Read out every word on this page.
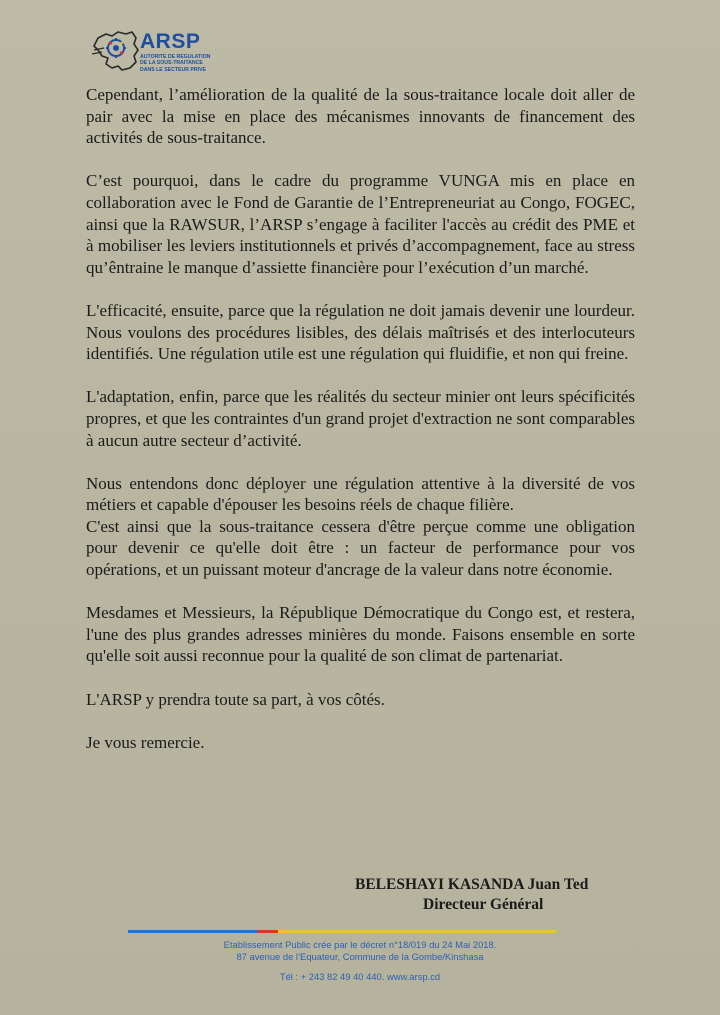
ARSP
AUTORITE DE REGULATION
DE LA SOUS-TRAITANCE
DANS LE SECTEUR PRIVE

Cependant, l’amélioration de la qualité de la sous-traitance locale doit aller de pair avec la mise en place des mécanismes innovants de financement des activités de sous-traitance.

C’est pourquoi, dans le cadre du programme VUNGA mis en place en collaboration avec le Fond de Garantie de l’Entrepreneuriat au Congo, FOGEC, ainsi que la RAWSUR, l’ARSP s’engage à faciliter l'accès au crédit des PME et à mobiliser les leviers institutionnels et privés d’accompagnement, face au stress qu’êntraine le manque d’assiette financière pour l’exécution d’un marché.

L'efficacité, ensuite, parce que la régulation ne doit jamais devenir une lourdeur. Nous voulons des procédures lisibles, des délais maîtrisés et des interlocuteurs identifiés. Une régulation utile est une régulation qui fluidifie, et non qui freine.

L'adaptation, enfin, parce que les réalités du secteur minier ont leurs spécificités propres, et que les contraintes d'un grand projet d'extraction ne sont comparables à aucun autre secteur d’activité.

Nous entendons donc déployer une régulation attentive à la diversité de vos métiers et capable d'épouser les besoins réels de chaque filière.

C'est ainsi que la sous-traitance cessera d'être perçue comme une obligation pour devenir ce qu'elle doit être : un facteur de performance pour vos opérations, et un puissant moteur d'ancrage de la valeur dans notre économie.

Mesdames et Messieurs, la République Démocratique du Congo est, et restera, l'une des plus grandes adresses minières du monde. Faisons ensemble en sorte qu'elle soit aussi reconnue pour la qualité de son climat de partenariat.

L'ARSP y prendra toute sa part, à vos côtés.

Je vous remercie.

BELESHAYI KASANDA Juan Ted
Directeur Général
Etablissement Public crée par le décret n°18/019 du 24 Mai 2018.
87 avenue de l’Equateur, Commune de la Gombe/Kinshasa
Tél : + 243 82 49 40 440. www.arsp.cd
